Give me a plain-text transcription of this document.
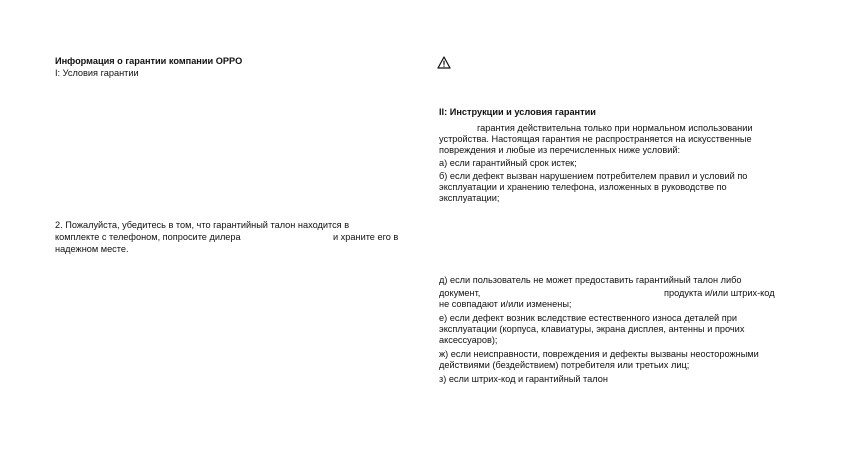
Информация о гарантии компании OPPO
I: Условия гарантии
2. Пожалуйста, убедитесь в том, что гарантийный талон находится в
комплекте с телефоном, попросите дилера	и храните его в
надежном месте.
II: Инструкции и условия гарантии
гарантия действительна только при нормальном использовании
устройства. Настоящая гарантия не распространяется на искусственные
повреждения и любые из перечисленных ниже условий:
а) если гарантийный срок истек;
б) если дефект вызван нарушением потребителем правил и условий по
эксплуатации и хранению телефона, изложенных в руководстве по
эксплуатации;
д) если пользователь не может предоставить гарантийный талон либо
документ,	продукта и/или штрих-код
не совпадают и/или изменены;
е) если дефект возник вследствие естественного износа деталей при
эксплуатации (корпуса, клавиатуры, экрана дисплея, антенны и прочих
аксессуаров);
ж) если неисправности, повреждения и дефекты вызваны неосторожными
действиями (бездействием) потребителя или третьих лиц;
з) если штрих-код и гарантийный талон
